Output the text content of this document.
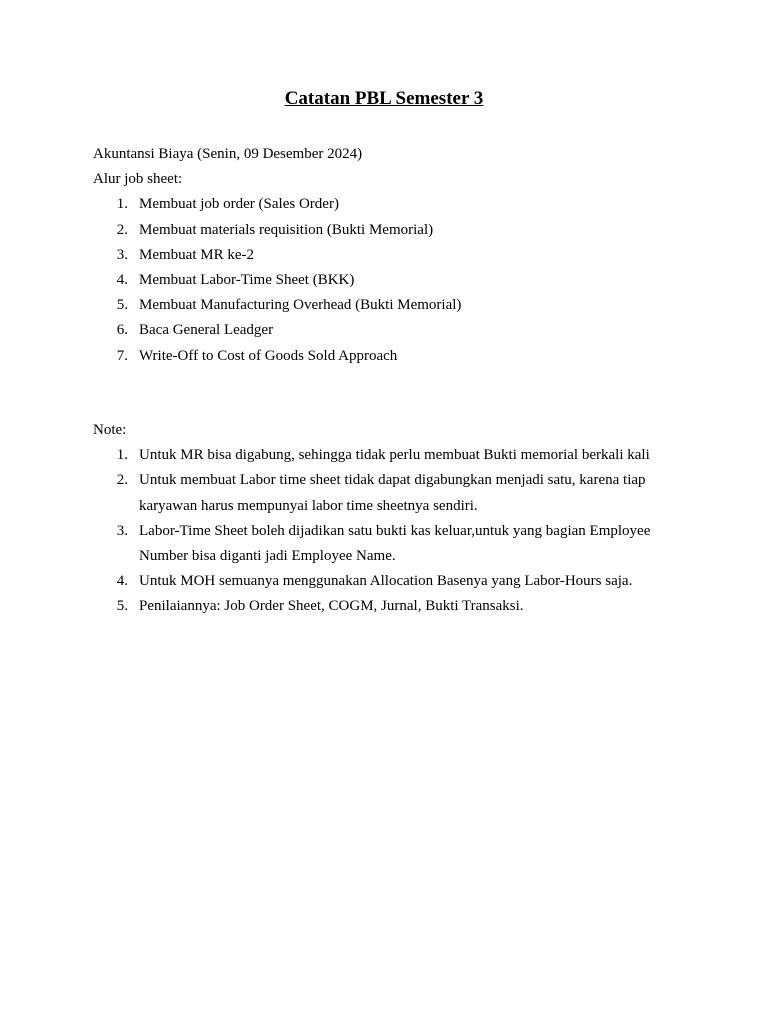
Catatan PBL Semester 3

Akuntansi Biaya (Senin, 09 Desember 2024)

Alur job sheet:

1. Membuat job order (Sales Order)
2. Membuat materials requisition (Bukti Memorial)
3. Membuat MR ke-2
4. Membuat Labor-Time Sheet (BKK)
5. Membuat Manufacturing Overhead (Bukti Memorial)
6. Baca General Leadger
7. Write-Off to Cost of Goods Sold Approach

Note:

1. Untuk MR bisa digabung, sehingga tidak perlu membuat Bukti memorial berkali kali
2. Untuk membuat Labor time sheet tidak dapat digabungkan menjadi satu, karena tiap karyawan harus mempunyai labor time sheetnya sendiri.
3. Labor-Time Sheet boleh dijadikan satu bukti kas keluar,untuk yang bagian Employee Number bisa diganti jadi Employee Name.
4. Untuk MOH semuanya menggunakan Allocation Basenya yang Labor-Hours saja.
5. Penilaiannya: Job Order Sheet, COGM, Jurnal, Bukti Transaksi.
